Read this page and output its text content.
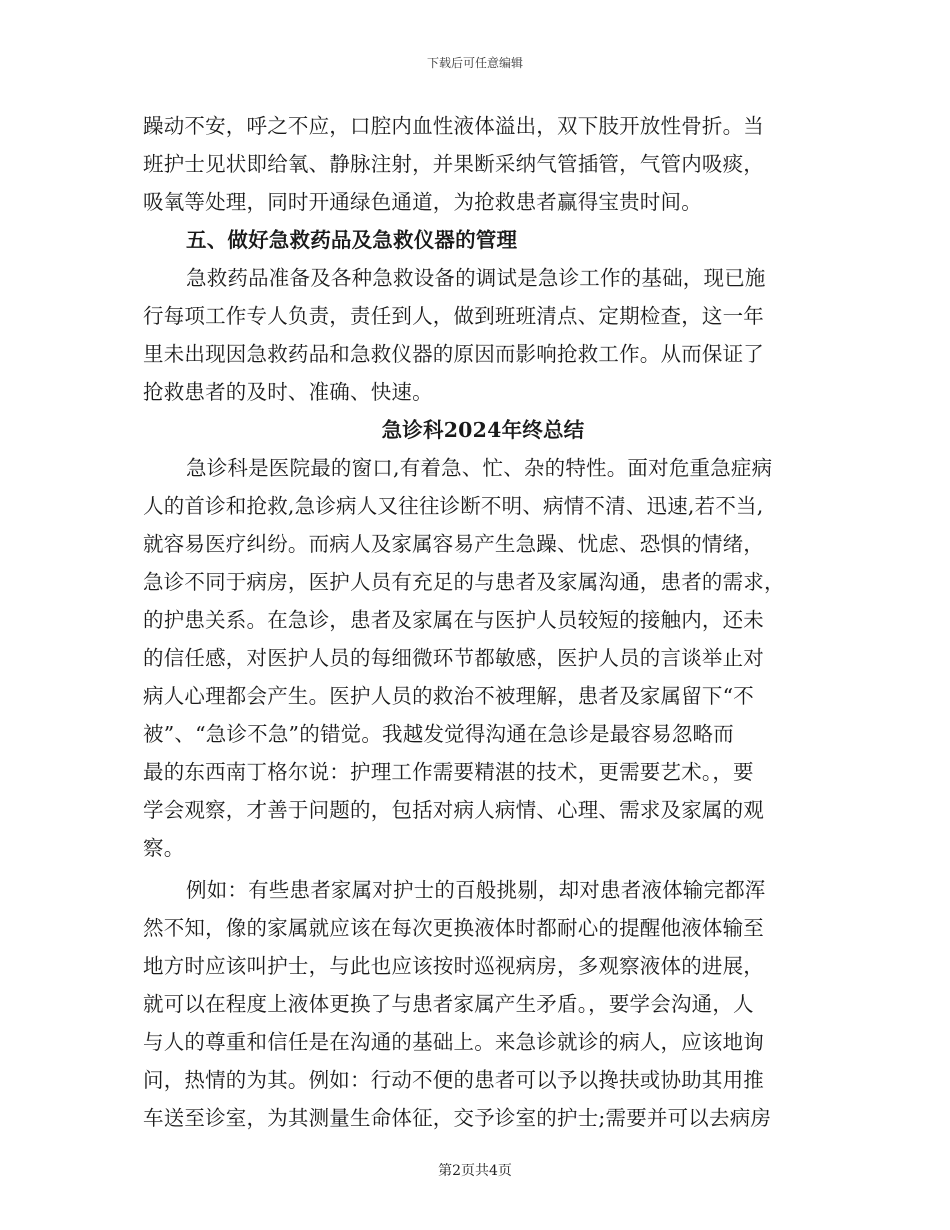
下载后可任意编辑
躁动不安，呼之不应，口腔内血性液体溢出，双下肢开放性骨折。当
班护士见状即给氧、静脉注射，并果断采纳气管插管，气管内吸痰，
吸氧等处理，同时开通绿色通道，为抢救患者赢得宝贵时间。
五、做好急救药品及急救仪器的管理
急救药品准备及各种急救设备的调试是急诊工作的基础，现已施
行每项工作专人负责，责任到人，做到班班清点、定期检查，这一年
里未出现因急救药品和急救仪器的原因而影响抢救工作。从而保证了
抢救患者的及时、准确、快速。
急诊科2024年终总结
急诊科是医院最的窗口,有着急、忙、杂的特性。面对危重急症病
人的首诊和抢救,急诊病人又往往诊断不明、病情不清、迅速,若不当,
就容易医疗纠纷。而病人及家属容易产生急躁、忧虑、恐惧的情绪，
急诊不同于病房，医护人员有充足的与患者及家属沟通，患者的需求，
的护患关系。在急诊，患者及家属在与医护人员较短的接触内，还未
的信任感，对医护人员的每细微环节都敏感，医护人员的言谈举止对
病人心理都会产生。医护人员的救治不被理解，患者及家属留下“不
被”、“急诊不急”的错觉。我越发觉得沟通在急诊是最容易忽略而
最的东西南丁格尔说：护理工作需要精湛的技术，更需要艺术。，要
学会观察，才善于问题的，包括对病人病情、心理、需求及家属的观
察。
例如：有些患者家属对护士的百般挑剔，却对患者液体输完都浑
然不知，像的家属就应该在每次更换液体时都耐心的提醒他液体输至
地方时应该叫护士，与此也应该按时巡视病房，多观察液体的进展，
就可以在程度上液体更换了与患者家属产生矛盾。，要学会沟通，人
与人的尊重和信任是在沟通的基础上。来急诊就诊的病人，应该地询
问，热情的为其。例如：行动不便的患者可以予以搀扶或协助其用推
车送至诊室，为其测量生命体征，交予诊室的护士;需要并可以去病房
第2页共4页
